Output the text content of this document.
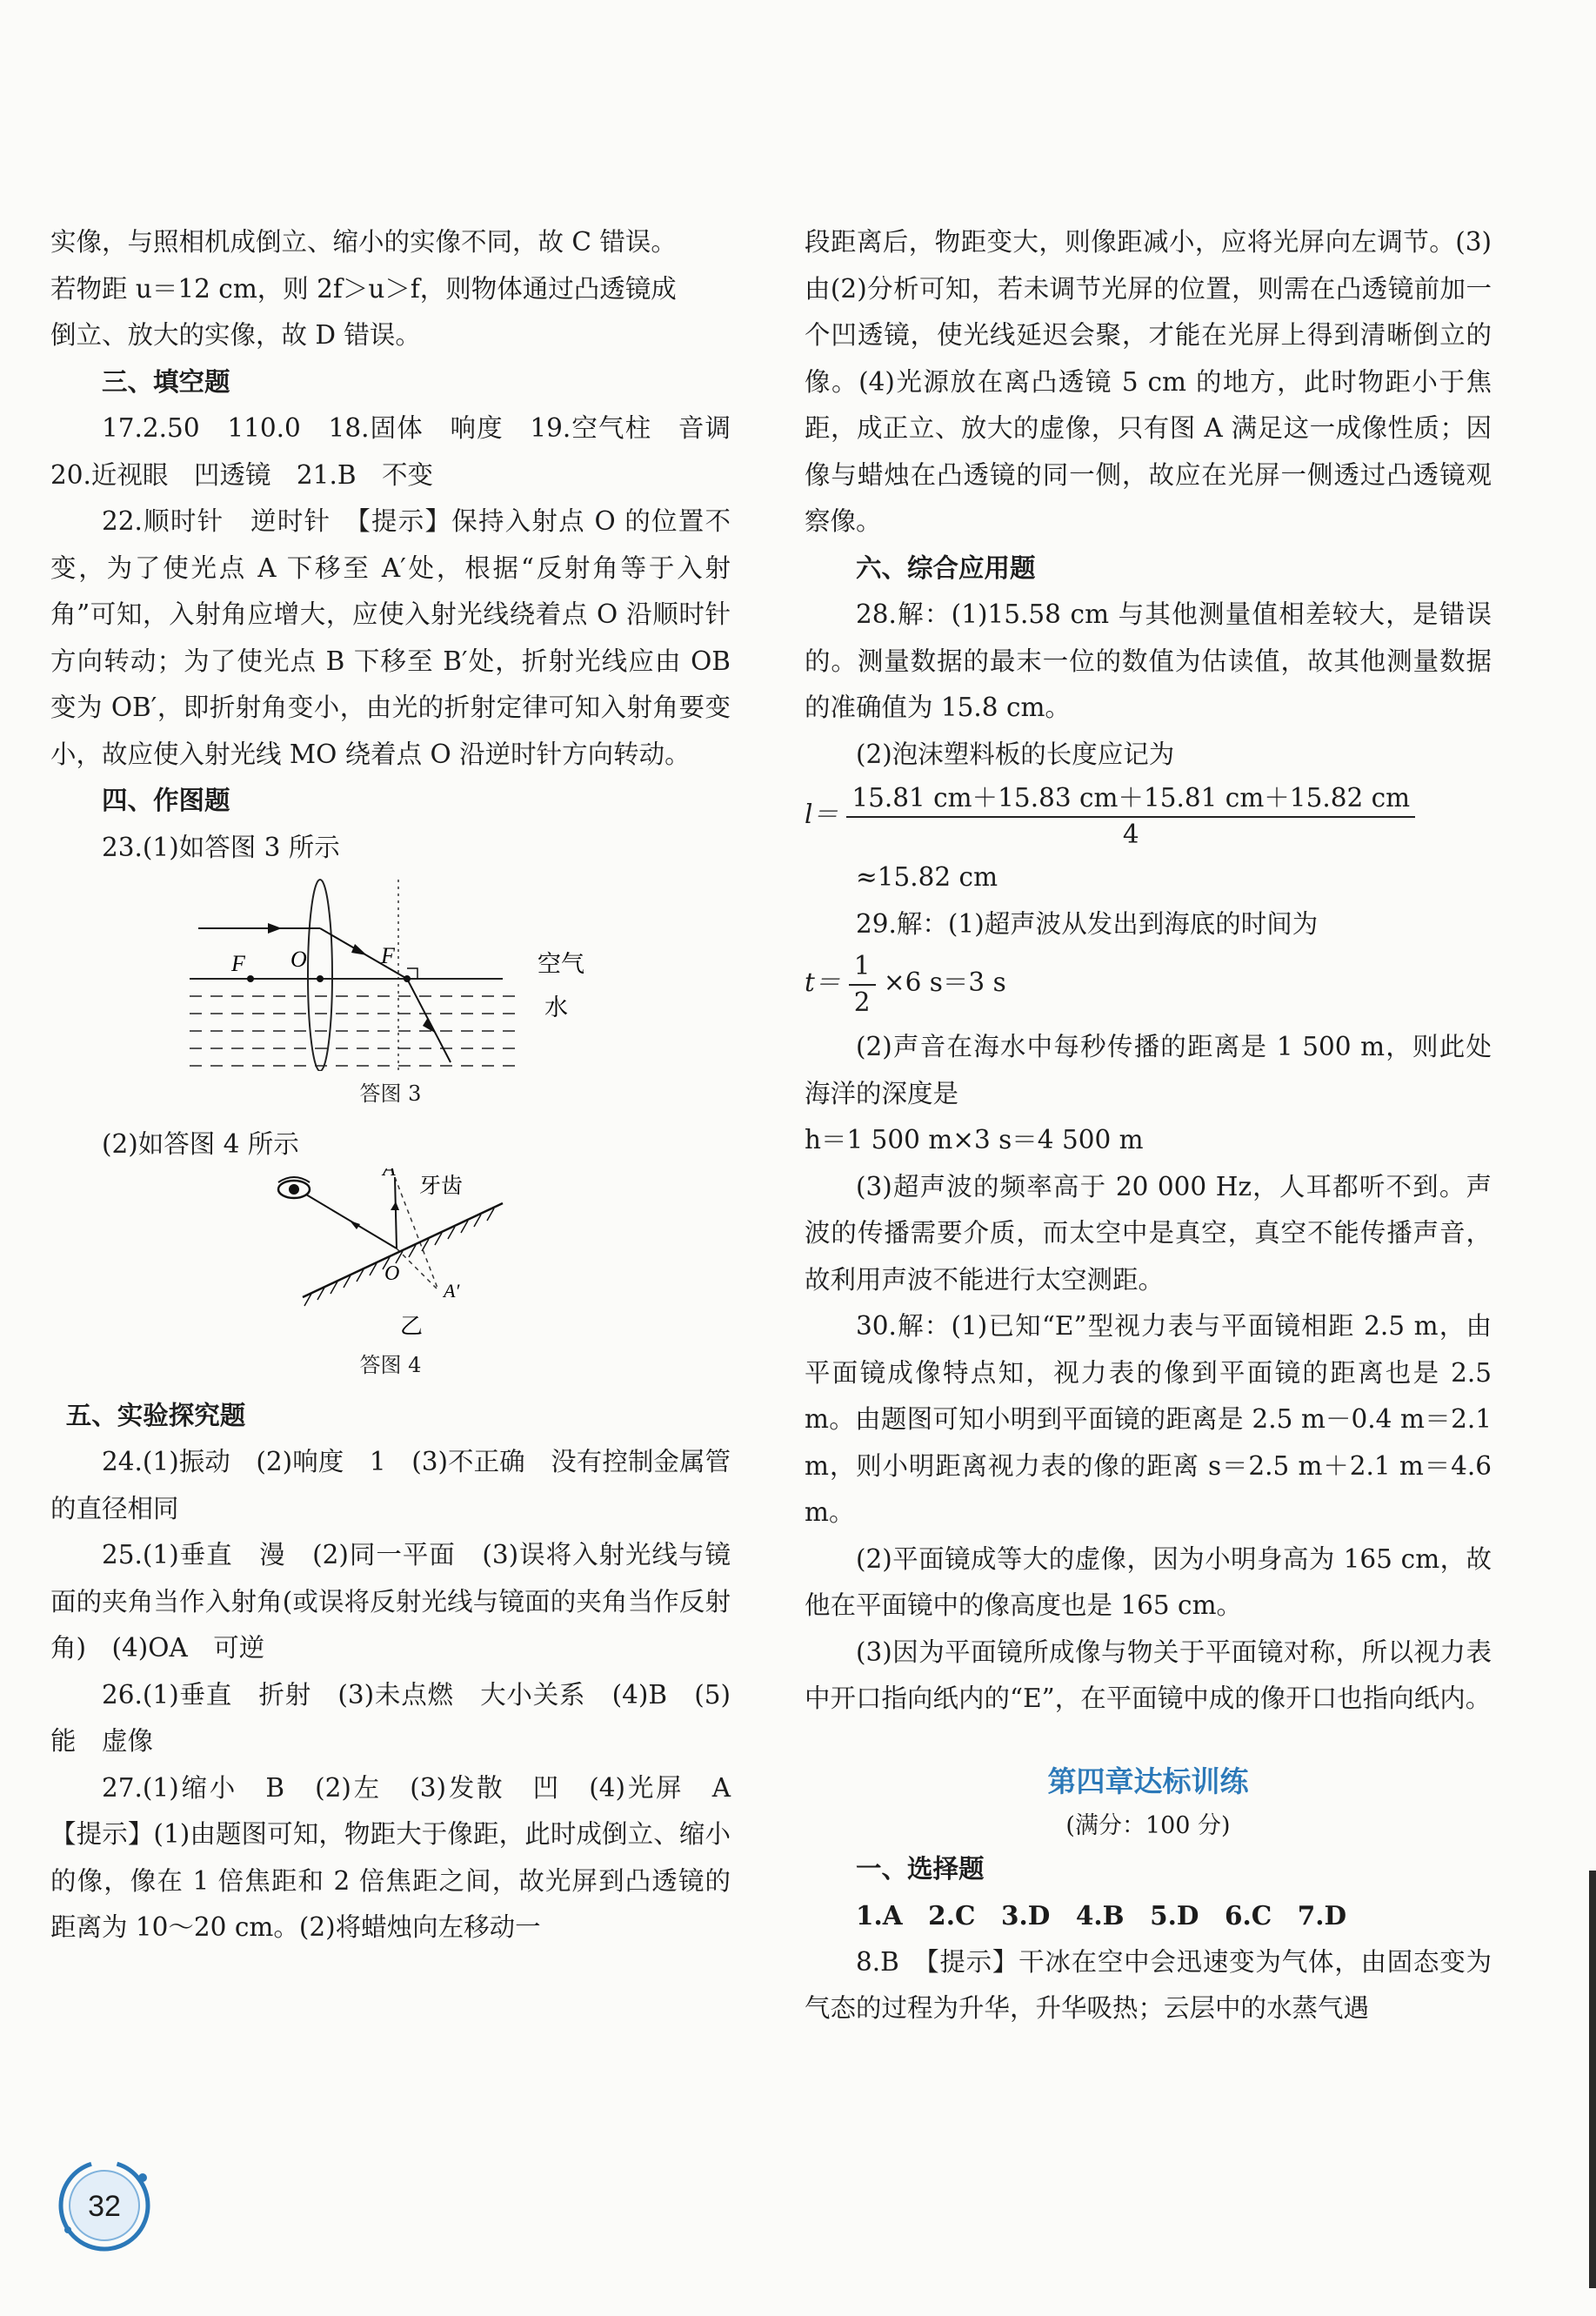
实像，与照相机成倒立、缩小的实像不同，故 C 错误。

若物距 u＝12 cm，则 2f＞u＞f，则物体通过凸透镜成

倒立、放大的实像，故 D 错误。

三、填空题

17.2.50　110.0　18.固体　响度　19.空气柱　音调　20.近视眼　凹透镜　21.B　不变

22.顺时针　逆时针　【提示】保持入射点 O 的位置不变，为了使光点 A 下移至 A′处，根据“反射角等于入射角”可知，入射角应增大，应使入射光线绕着点 O 沿顺时针方向转动；为了使光点 B 下移至 B′处，折射光线应由 OB 变为 OB′，即折射角变小，由光的折射定律可知入射角要变小，故应使入射光线 MO 绕着点 O 沿逆时针方向转动。

四、作图题

23.(1)如答图 3 所示

F O	F	空气
水

答图 3

(2)如答图 4 所示

A
牙齿
O
A′
乙

答图 4

五、实验探究题

24.(1)振动　(2)响度　1　(3)不正确　没有控制金属管的直径相同

25.(1)垂直　漫　(2)同一平面　(3)误将入射光线与镜面的夹角当作入射角(或误将反射光线与镜面的夹角当作反射角)　(4)OA　可逆

26.(1)垂直　折射　(3)未点燃　大小关系　(4)B　(5)能　虚像

27.(1)缩小　B　(2)左　(3)发散　凹　(4)光屏　A　【提示】(1)由题图可知，物距大于像距，此时成倒立、缩小的像，像在 1 倍焦距和 2 倍焦距之间，故光屏到凸透镜的距离为 10～20 cm。(2)将蜡烛向左移动一

段距离后，物距变大，则像距减小，应将光屏向左调节。(3)由(2)分析可知，若未调节光屏的位置，则需在凸透镜前加一个凹透镜，使光线延迟会聚，才能在光屏上得到清晰倒立的像。(4)光源放在离凸透镜 5 cm 的地方，此时物距小于焦距，成正立、放大的虚像，只有图 A 满足这一成像性质；因像与蜡烛在凸透镜的同一侧，故应在光屏一侧透过凸透镜观察像。

六、综合应用题

28.解：(1)15.58 cm 与其他测量值相差较大，是错误的。测量数据的最末一位的数值为估读值，故其他测量数据的准确值为 15.8 cm。

(2)泡沫塑料板的长度应记为

$l= \frac{15.81 cm+15.83 cm+15.81 cm+15.82 cm}{4}$

≈15.82 cm

29.解：(1)超声波从发出到海底的时间为

$t= \frac{1}{2} \times 6$ s＝3 s

(2)声音在海水中每秒传播的距离是 1 500 m，则此处海洋的深度是

h＝1 500 m×3 s＝4 500 m

(3)超声波的频率高于 20 000 Hz，人耳都听不到。声波的传播需要介质，而太空中是真空，真空不能传播声音，故利用声波不能进行太空测距。

30.解：(1)已知“E”型视力表与平面镜相距 2.5 m，由平面镜成像特点知，视力表的像到平面镜的距离也是 2.5 m。由题图可知小明到平面镜的距离是 2.5 m－0.4 m＝2.1 m，则小明距离视力表的像的距离 s＝2.5 m＋2.1 m＝4.6 m。

(2)平面镜成等大的虚像，因为小明身高为 165 cm，故他在平面镜中的像高度也是 165 cm。

(3)因为平面镜所成像与物关于平面镜对称，所以视力表中开口指向纸内的“E”，在平面镜中成的像开口也指向纸内。

第四章达标训练

(满分：100 分)

一、选择题

1.A　2.C　3.D　4.B　5.D　6.C　7.D

8.B　【提示】干冰在空中会迅速变为气体，由固态变为气态的过程为升华，升华吸热；云层中的水蒸气遇

32
